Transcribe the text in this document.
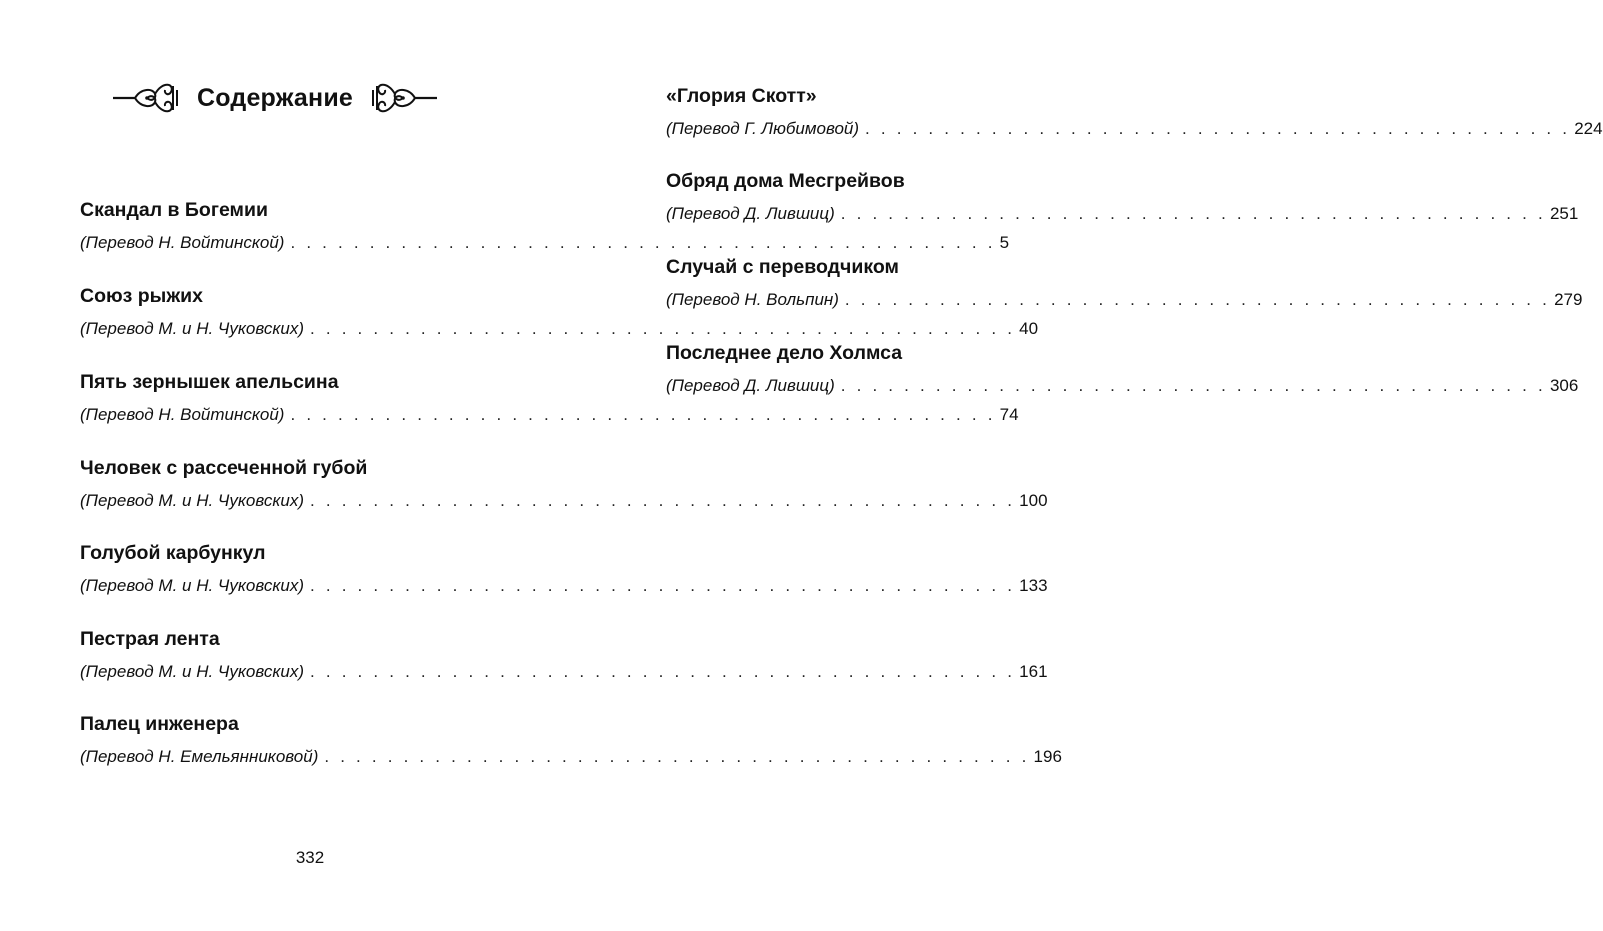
Содержание
Скандал в Богемии
(Перевод Н. Войтинской) . . . . . . . . . . . . . . . . . . . . . . . . . . . . . . . . . . . . . . . . . . . . . 5
Союз рыжих
(Перевод М. и Н. Чуковских) . . . . . . . . . . . . . . . . . . . . . . . . . . . . . . . . . . . . . . . . . . . . . 40
Пять зернышек апельсина
(Перевод Н. Войтинской) . . . . . . . . . . . . . . . . . . . . . . . . . . . . . . . . . . . . . . . . . . . . . 74
Человек с рассеченной губой
(Перевод М. и Н. Чуковских) . . . . . . . . . . . . . . . . . . . . . . . . . . . . . . . . . . . . . . . . . . . . . 100
Голубой карбункул
(Перевод М. и Н. Чуковских) . . . . . . . . . . . . . . . . . . . . . . . . . . . . . . . . . . . . . . . . . . . . . 133
Пестрая лента
(Перевод М. и Н. Чуковских) . . . . . . . . . . . . . . . . . . . . . . . . . . . . . . . . . . . . . . . . . . . . . 161
Палец инженера
(Перевод Н. Емельянниковой) . . . . . . . . . . . . . . . . . . . . . . . . . . . . . . . . . . . . . . . . . . . . . 196
332
«Глория Скотт»
(Перевод Г. Любимовой) . . . . . . . . . . . . . . . . . . . . . . . . . . . . . . . . . . . . . . . . . . . . . 224
Обряд дома Месгрейвов
(Перевод Д. Лившиц) . . . . . . . . . . . . . . . . . . . . . . . . . . . . . . . . . . . . . . . . . . . . . 251
Случай с переводчиком
(Перевод Н. Вольпин) . . . . . . . . . . . . . . . . . . . . . . . . . . . . . . . . . . . . . . . . . . . . . 279
Последнее дело Холмса
(Перевод Д. Лившиц) . . . . . . . . . . . . . . . . . . . . . . . . . . . . . . . . . . . . . . . . . . . . . 306
